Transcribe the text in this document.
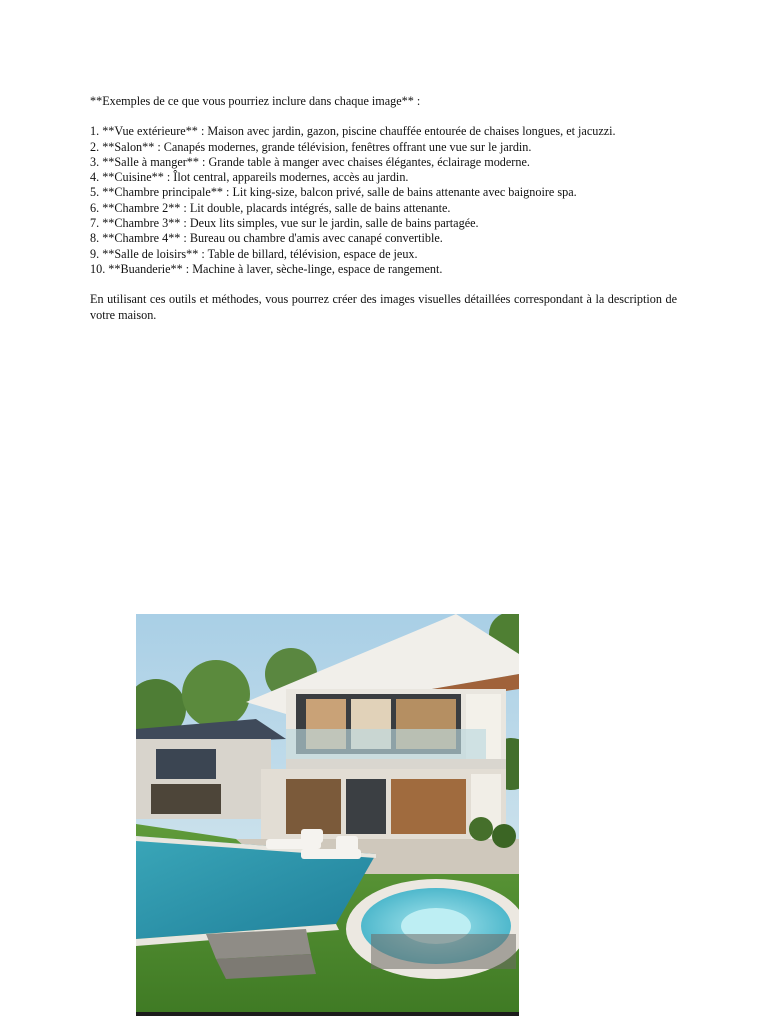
**Exemples de ce que vous pourriez inclure dans chaque image** :
1. **Vue extérieure** : Maison avec jardin, gazon, piscine chauffée entourée de chaises longues, et jacuzzi.
2. **Salon** : Canapés modernes, grande télévision, fenêtres offrant une vue sur le jardin.
3. **Salle à manger** : Grande table à manger avec chaises élégantes, éclairage moderne.
4. **Cuisine** : Îlot central, appareils modernes, accès au jardin.
5. **Chambre principale** : Lit king-size, balcon privé, salle de bains attenante avec baignoire spa.
6. **Chambre 2** : Lit double, placards intégrés, salle de bains attenante.
7. **Chambre 3** : Deux lits simples, vue sur le jardin, salle de bains partagée.
8. **Chambre 4** : Bureau ou chambre d'amis avec canapé convertible.
9. **Salle de loisirs** : Table de billard, télévision, espace de jeux.
10. **Buanderie** : Machine à laver, sèche-linge, espace de rangement.
En utilisant ces outils et méthodes, vous pourrez créer des images visuelles détaillées correspondant à la description de votre maison.
